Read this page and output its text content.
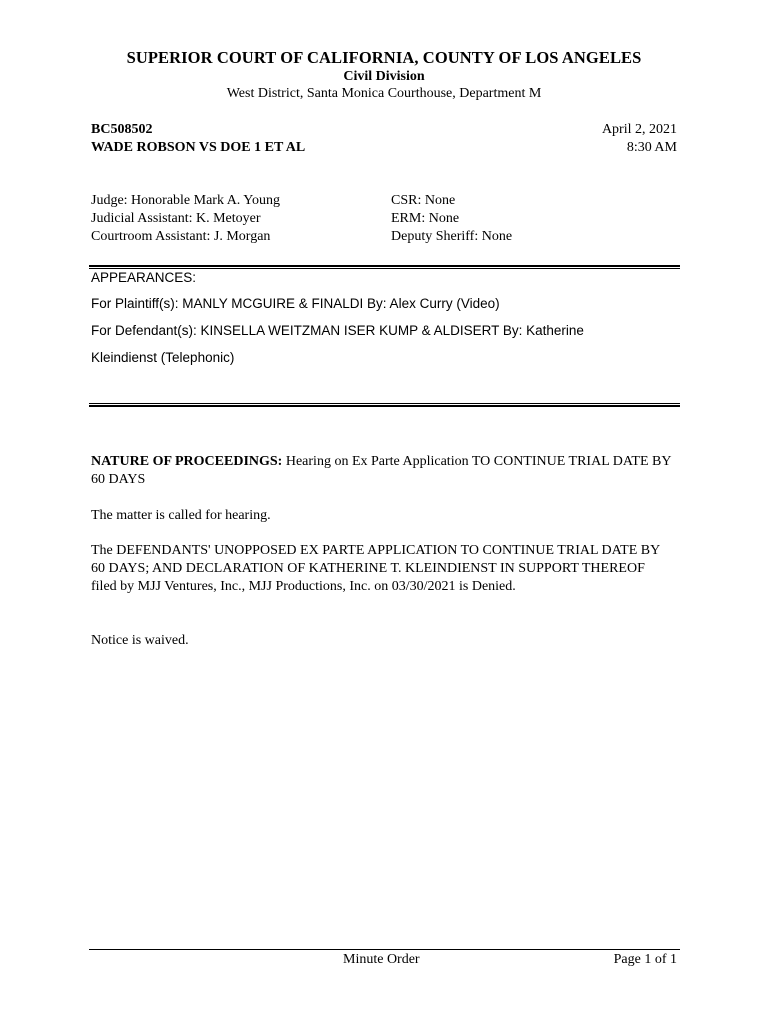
SUPERIOR COURT OF CALIFORNIA, COUNTY OF LOS ANGELES
Civil Division
West District, Santa Monica Courthouse, Department M
BC508502
WADE ROBSON VS DOE 1 ET AL
April 2, 2021
8:30 AM
Judge: Honorable Mark A. Young
Judicial Assistant: K. Metoyer
Courtroom Assistant: J. Morgan
CSR: None
ERM: None
Deputy Sheriff: None
APPEARANCES:
For Plaintiff(s): MANLY MCGUIRE & FINALDI By: Alex Curry (Video)
For Defendant(s): KINSELLA WEITZMAN ISER KUMP & ALDISERT By: Katherine
Kleindienst (Telephonic)
NATURE OF PROCEEDINGS: Hearing on Ex Parte Application TO CONTINUE TRIAL DATE BY 60 DAYS
The matter is called for hearing.
The DEFENDANTS' UNOPPOSED EX PARTE APPLICATION TO CONTINUE TRIAL DATE BY 60 DAYS; AND DECLARATION OF KATHERINE T. KLEINDIENST IN SUPPORT THEREOF filed by MJJ Ventures, Inc., MJJ Productions, Inc. on 03/30/2021 is Denied.
Notice is waived.
Minute Order	Page 1 of 1
